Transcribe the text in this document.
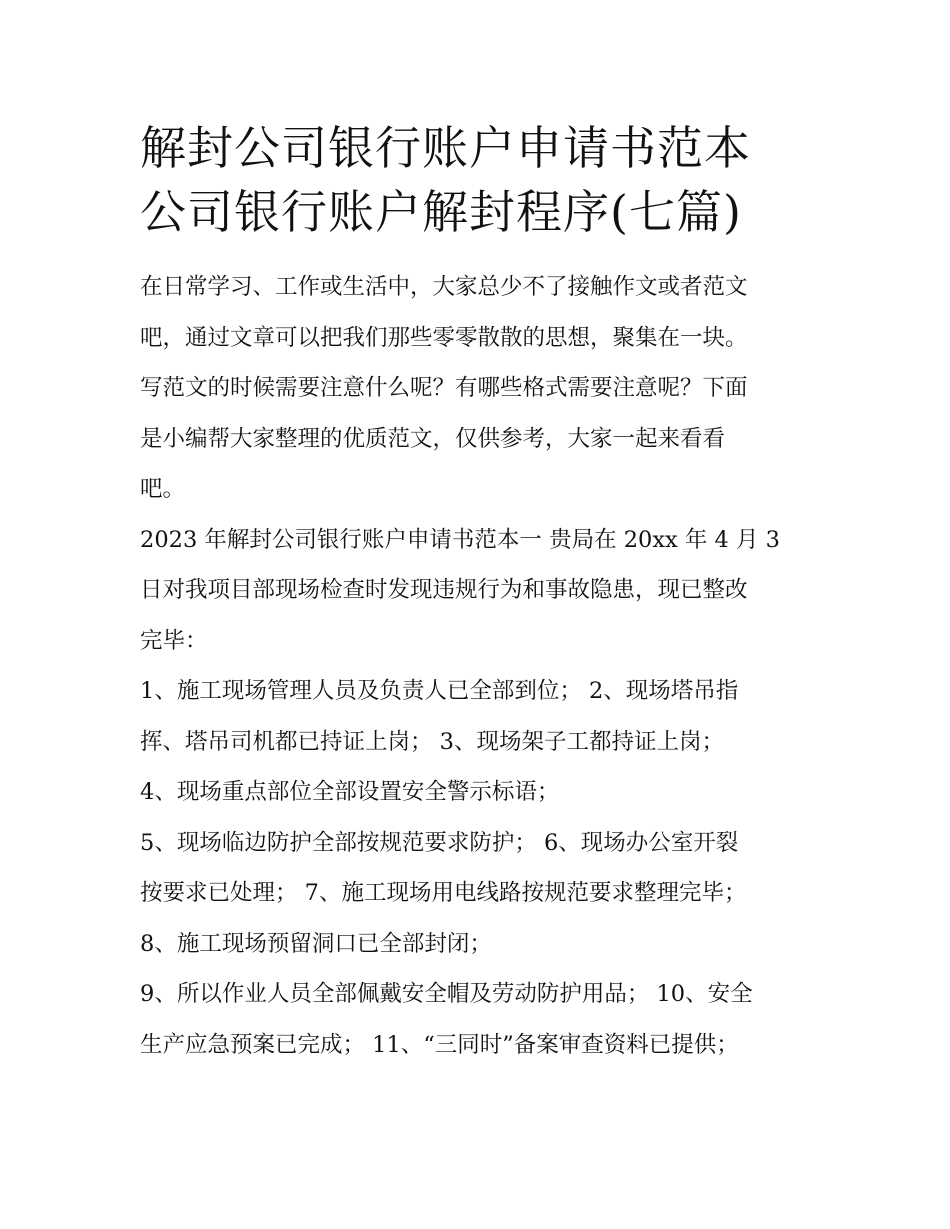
解封公司银行账户申请书范本
公司银行账户解封程序(七篇)

在日常学习、工作或生活中，大家总少不了接触作文或者范文
吧，通过文章可以把我们那些零零散散的思想，聚集在一块。
写范文的时候需要注意什么呢？有哪些格式需要注意呢？下面
是小编帮大家整理的优质范文，仅供参考，大家一起来看看
吧。

2023 年解封公司银行账户申请书范本一 贵局在 20xx 年 4 月 3
日对我项目部现场检查时发现违规行为和事故隐患，现已整改
完毕：

1、施工现场管理人员及负责人已全部到位； 2、现场塔吊指
挥、塔吊司机都已持证上岗； 3、现场架子工都持证上岗；

4、现场重点部位全部设置安全警示标语；

5、现场临边防护全部按规范要求防护； 6、现场办公室开裂
按要求已处理； 7、施工现场用电线路按规范要求整理完毕；

8、施工现场预留洞口已全部封闭；

9、所以作业人员全部佩戴安全帽及劳动防护用品； 10、安全
生产应急预案已完成； 11、“三同时”备案审查资料已提供；
